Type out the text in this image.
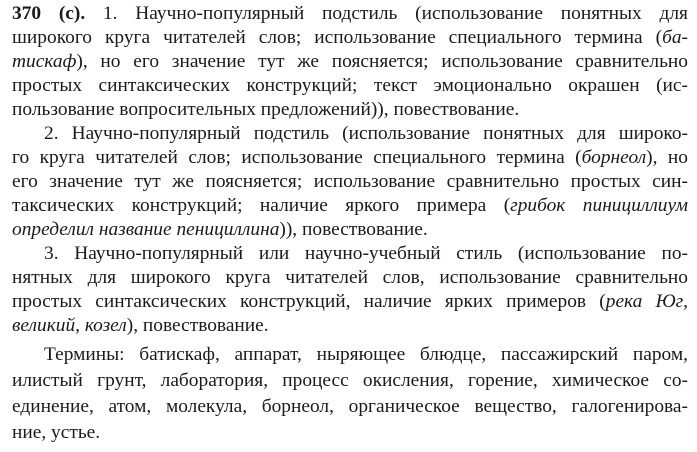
370 (с). 1. Научно-популярный подстиль (использование понятных для
широкого круга читателей слов; использование специального термина (ба-
тискаф), но его значение тут же поясняется; использование сравнительно
простых синтаксических конструкций; текст эмоционально окрашен (ис-
пользование вопросительных предложений)), повествование.
2. Научно-популярный подстиль (использование понятных для широко-
го круга читателей слов; использование специального термина (борнеол), но
его значение тут же поясняется; использование сравнительно простых син-
таксических конструкций; наличие яркого примера (грибок пинициллиум
определил название пенициллина)), повествование.
3. Научно-популярный или научно-учебный стиль (использование по-
нятных для широкого круга читателей слов, использование сравнительно
простых синтаксических конструкций, наличие ярких примеров (река Юг,
великий, козел), повествование.
Термины: батискаф, аппарат, ныряющее блюдце, пассажирский паром,
илистый грунт, лаборатория, процесс окисления, горение, химическое со-
единение, атом, молекула, борнеол, органическое вещество, галогенирова-
ние, устье.
